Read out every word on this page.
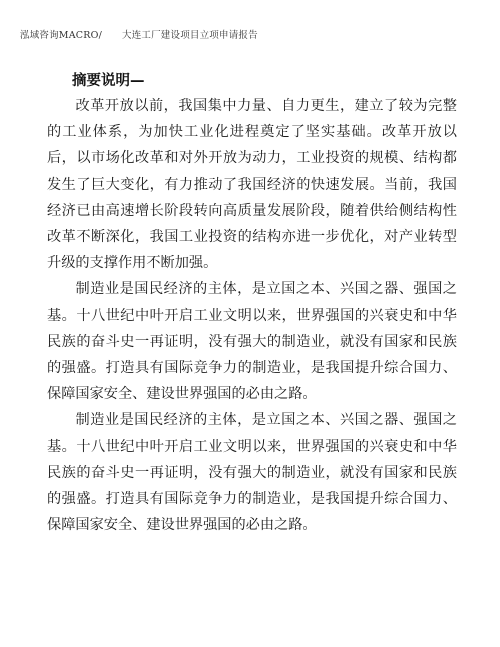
泓域咨询MACRO/ 大连工厂建设项目立项申请报告
摘要说明—

改革开放以前，我国集中力量、自力更生，建立了较为完整的工业体系，为加快工业化进程奠定了坚实基础。改革开放以后，以市场化改革和对外开放为动力，工业投资的规模、结构都发生了巨大变化，有力推动了我国经济的快速发展。当前，我国经济已由高速增长阶段转向高质量发展阶段，随着供给侧结构性改革不断深化，我国工业投资的结构亦进一步优化，对产业转型升级的支撑作用不断加强。

制造业是国民经济的主体，是立国之本、兴国之器、强国之基。十八世纪中叶开启工业文明以来，世界强国的兴衰史和中华民族的奋斗史一再证明，没有强大的制造业，就没有国家和民族的强盛。打造具有国际竞争力的制造业，是我国提升综合国力、保障国家安全、建设世界强国的必由之路。

制造业是国民经济的主体，是立国之本、兴国之器、强国之基。十八世纪中叶开启工业文明以来，世界强国的兴衰史和中华民族的奋斗史一再证明，没有强大的制造业，就没有国家和民族的强盛。打造具有国际竞争力的制造业，是我国提升综合国力、保障国家安全、建设世界强国的必由之路。
